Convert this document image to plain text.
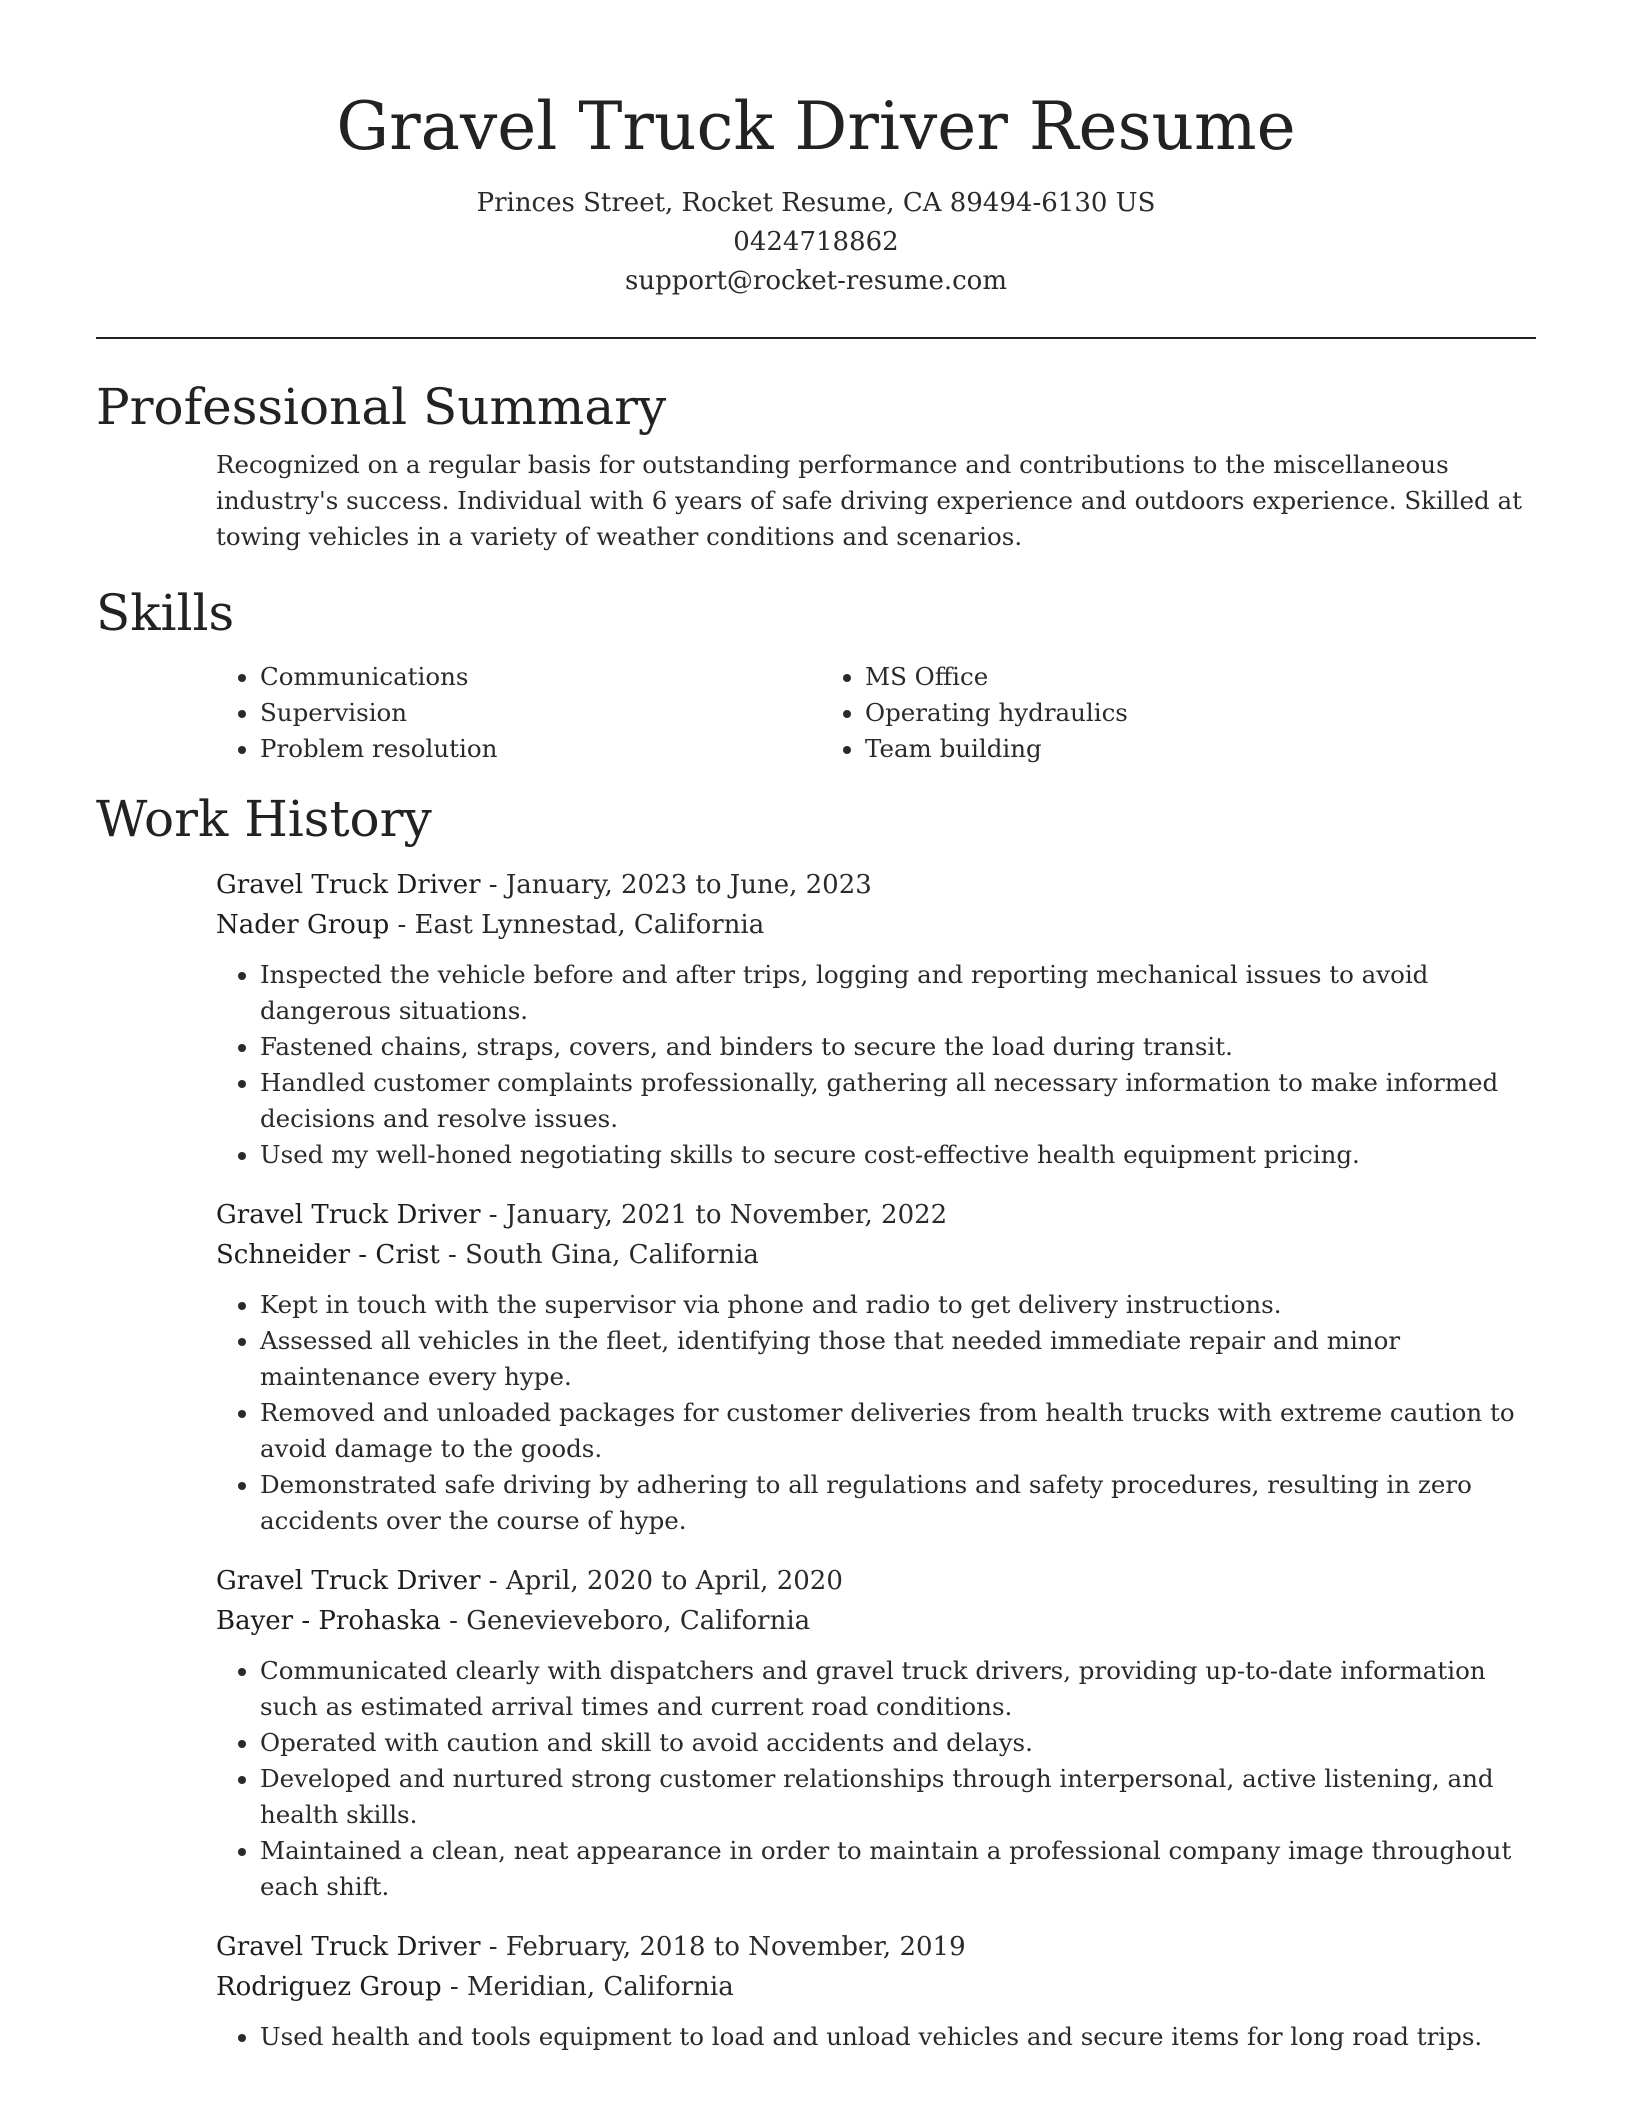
Gravel Truck Driver Resume
Princes Street, Rocket Resume, CA 89494-6130 US
0424718862
support@rocket-resume.com
Professional Summary

Recognized on a regular basis for outstanding performance and contributions to the miscellaneous industry's success. Individual with 6 years of safe driving experience and outdoors experience. Skilled at towing vehicles in a variety of weather conditions and scenarios.

Skills
• Communications
• Supervision
• Problem resolution
• MS Office
• Operating hydraulics
• Team building
Work History
Gravel Truck Driver - January, 2023 to June, 2023
Nader Group - East Lynnestad, California
• Inspected the vehicle before and after trips, logging and reporting mechanical issues to avoid dangerous situations.
• Fastened chains, straps, covers, and binders to secure the load during transit.
• Handled customer complaints professionally, gathering all necessary information to make informed decisions and resolve issues.
• Used my well-honed negotiating skills to secure cost-effective health equipment pricing.
Gravel Truck Driver - January, 2021 to November, 2022
Schneider - Crist - South Gina, California
• Kept in touch with the supervisor via phone and radio to get delivery instructions.
• Assessed all vehicles in the fleet, identifying those that needed immediate repair and minor maintenance every hype.
• Removed and unloaded packages for customer deliveries from health trucks with extreme caution to avoid damage to the goods.
• Demonstrated safe driving by adhering to all regulations and safety procedures, resulting in zero accidents over the course of hype.
Gravel Truck Driver - April, 2020 to April, 2020
Bayer - Prohaska - Genevieveboro, California
• Communicated clearly with dispatchers and gravel truck drivers, providing up-to-date information such as estimated arrival times and current road conditions.
• Operated with caution and skill to avoid accidents and delays.
• Developed and nurtured strong customer relationships through interpersonal, active listening, and health skills.
• Maintained a clean, neat appearance in order to maintain a professional company image throughout each shift.
Gravel Truck Driver - February, 2018 to November, 2019
Rodriguez Group - Meridian, California
• Used health and tools equipment to load and unload vehicles and secure items for long road trips.
